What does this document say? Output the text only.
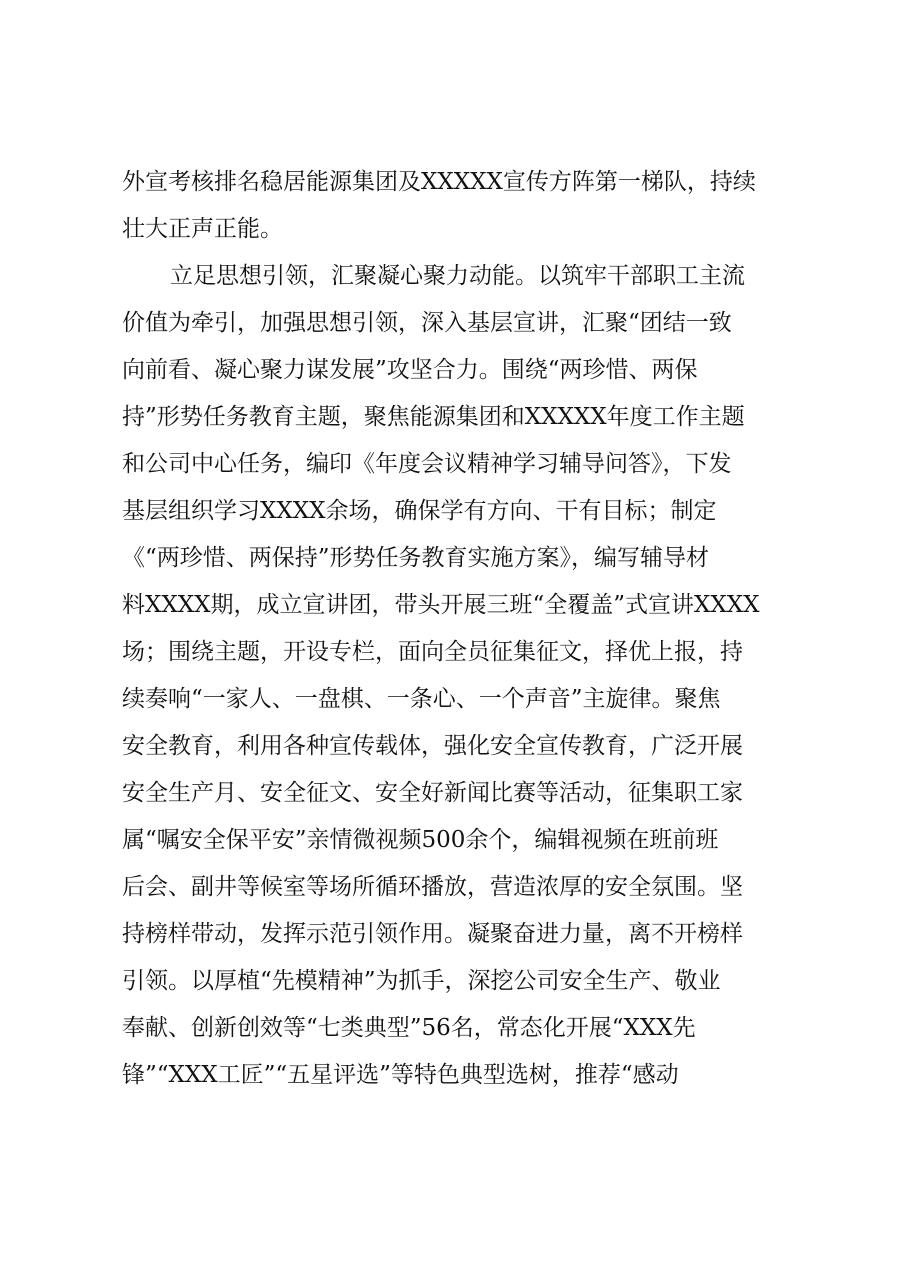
外宣考核排名稳居能源集团及XXXXX宣传方阵第一梯队，持续
壮大正声正能。
立足思想引领，汇聚凝心聚力动能。以筑牢干部职工主流
价值为牵引，加强思想引领，深入基层宣讲，汇聚“团结一致
向前看、凝心聚力谋发展”攻坚合力。围绕“两珍惜、两保
持”形势任务教育主题，聚焦能源集团和XXXXX年度工作主题
和公司中心任务，编印《年度会议精神学习辅导问答》，下发
基层组织学习XXXX余场，确保学有方向、干有目标；制定
《“两珍惜、两保持”形势任务教育实施方案》，编写辅导材
料XXXX期，成立宣讲团，带头开展三班“全覆盖”式宣讲XXXX
场；围绕主题，开设专栏，面向全员征集征文，择优上报，持
续奏响“一家人、一盘棋、一条心、一个声音”主旋律。聚焦
安全教育，利用各种宣传载体，强化安全宣传教育，广泛开展
安全生产月、安全征文、安全好新闻比赛等活动，征集职工家
属“嘱安全保平安”亲情微视频500余个，编辑视频在班前班
后会、副井等候室等场所循环播放，营造浓厚的安全氛围。坚
持榜样带动，发挥示范引领作用。凝聚奋进力量，离不开榜样
引领。以厚植“先模精神”为抓手，深挖公司安全生产、敬业
奉献、创新创效等“七类典型”56名，常态化开展“XXX先
锋”“XXX工匠”“五星评选”等特色典型选树，推荐“感动
